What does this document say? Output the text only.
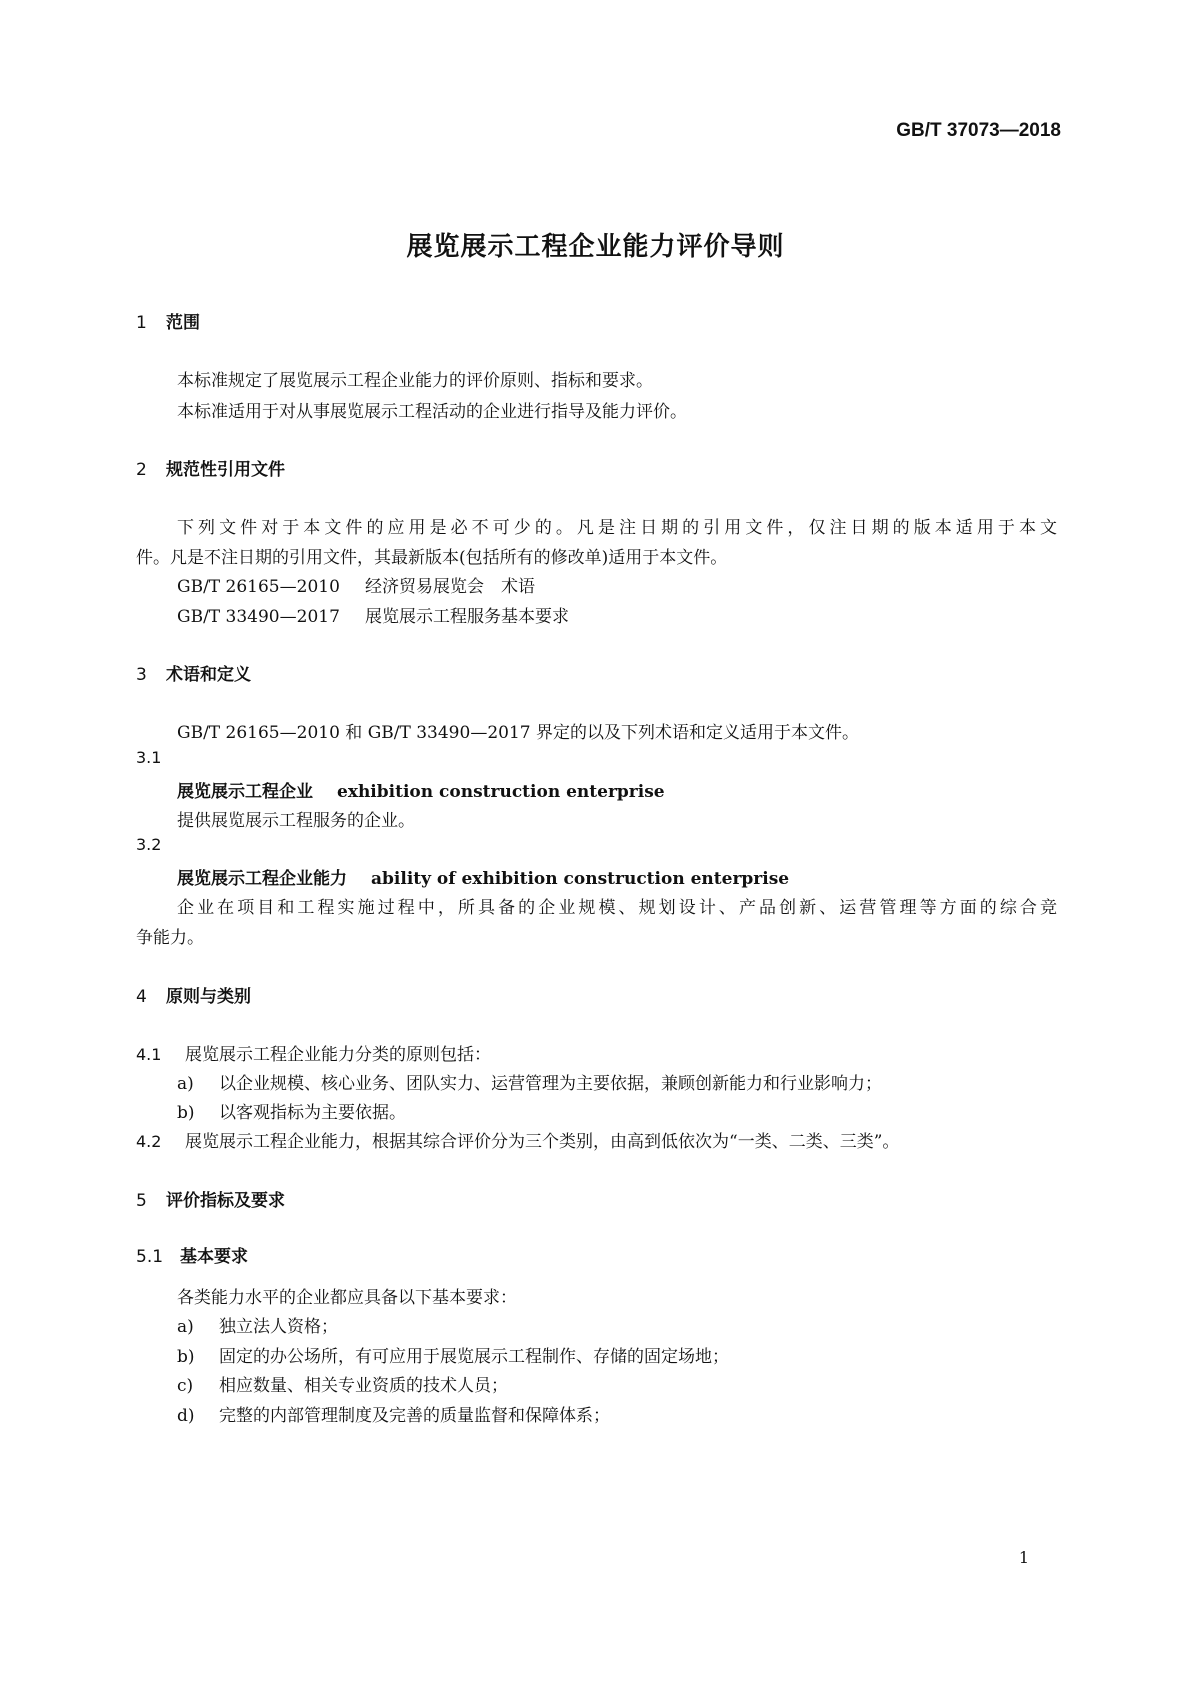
GB/T 37073—2018
展览展示工程企业能力评价导则
1 范围
本标准规定了展览展示工程企业能力的评价原则、指标和要求。
本标准适用于对从事展览展示工程活动的企业进行指导及能力评价。
2 规范性引用文件
下列文件对于本文件的应用是必不可少的。凡是注日期的引用文件，仅注日期的版本适用于本文
件。凡是不注日期的引用文件，其最新版本(包括所有的修改单)适用于本文件。
GB/T 26165—2010 经济贸易展览会　术语
GB/T 33490—2017 展览展示工程服务基本要求
3 术语和定义
GB/T 26165—2010 和 GB/T 33490—2017 界定的以及下列术语和定义适用于本文件。
3.1
展览展示工程企业 exhibition construction enterprise
提供展览展示工程服务的企业。
3.2
展览展示工程企业能力 ability of exhibition construction enterprise
企业在项目和工程实施过程中，所具备的企业规模、规划设计、产品创新、运营管理等方面的综合竞
争能力。
4 原则与类别
4.1 展览展示工程企业能力分类的原则包括：
a) 以企业规模、核心业务、团队实力、运营管理为主要依据，兼顾创新能力和行业影响力；
b) 以客观指标为主要依据。
4.2 展览展示工程企业能力，根据其综合评价分为三个类别，由高到低依次为“一类、二类、三类”。
5 评价指标及要求
5.1 基本要求
各类能力水平的企业都应具备以下基本要求：
a) 独立法人资格；
b) 固定的办公场所，有可应用于展览展示工程制作、存储的固定场地；
c) 相应数量、相关专业资质的技术人员；
d) 完整的内部管理制度及完善的质量监督和保障体系；
1
